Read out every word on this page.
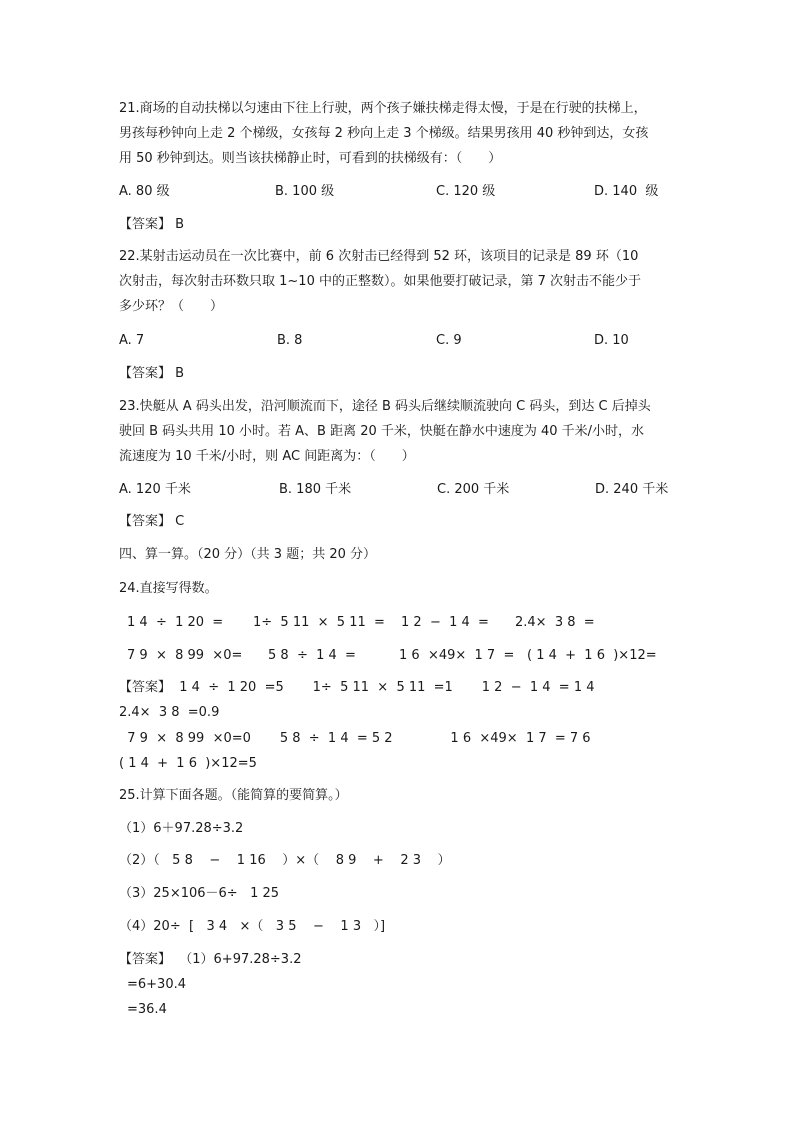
21.商场的自动扶梯以匀速由下往上行驶，两个孩子嫌扶梯走得太慢，于是在行驶的扶梯上，
男孩每秒钟向上走 2 个梯级，女孩每 2 秒向上走 3 个梯级。结果男孩用 40 秒钟到达，女孩
用 50 秒钟到达。则当该扶梯静止时，可看到的扶梯级有：（　　）
A. 80 级	B. 100 级	C. 120 级	D. 140  级
【答案】 B
22.某射击运动员在一次比赛中，前 6 次射击已经得到 52 环，该项目的记录是 89 环（10
次射击，每次射击环数只取 1~10 中的正整数）。如果他要打破记录，第 7 次射击不能少于
多少环？（　　）
A. 7	B. 8	C. 9	D. 10
【答案】 B
23.快艇从 A 码头出发，沿河顺流而下，途径 B 码头后继续顺流驶向 C 码头，到达 C 后掉头
驶回 B 码头共用 10 小时。若 A、B 距离 20 千米，快艇在静水中速度为 40 千米/小时，水
流速度为 10 千米/小时，则 AC 间距离为：（　　）
A. 120 千米	B. 180 千米	C. 200 千米	D. 240 千米
【答案】 C
四、算一算。（20 分）（共 3 题；共 20 分）
24.直接写得数。
1 4  ÷  1 20  = 1÷  5 11  ×  5 11  = 1 2  −  1 4  = 2.4×  3 8  =
7 9  ×  8 99  ×0= 5 8  ÷  1 4  =	1 6  ×49×  1 7  = ( 1 4  +  1 6  )×12=
【答案】  1 4  ÷  1 20  =5       1÷  5 11  ×  5 11  =1       1 2  −  1 4  = 1 4
2.4×  3 8  =0.9
7 9  ×  8 99  ×0=0       5 8  ÷  1 4  = 5 2              1 6  ×49×  1 7  = 7 6
( 1 4  +  1 6  )×12=5
25.计算下面各题。（能简算的要简算。）
（1）6＋97.28÷3.2
（2）（   5 8    −    1 16    ）×（    8 9    +    2 3    ）
（3）25×106－6÷   1 25
（4）20÷  [   3 4   ×（   3 5    −    1 3   ）]
【答案】  （1）6+97.28÷3.2
=6+30.4
=36.4
